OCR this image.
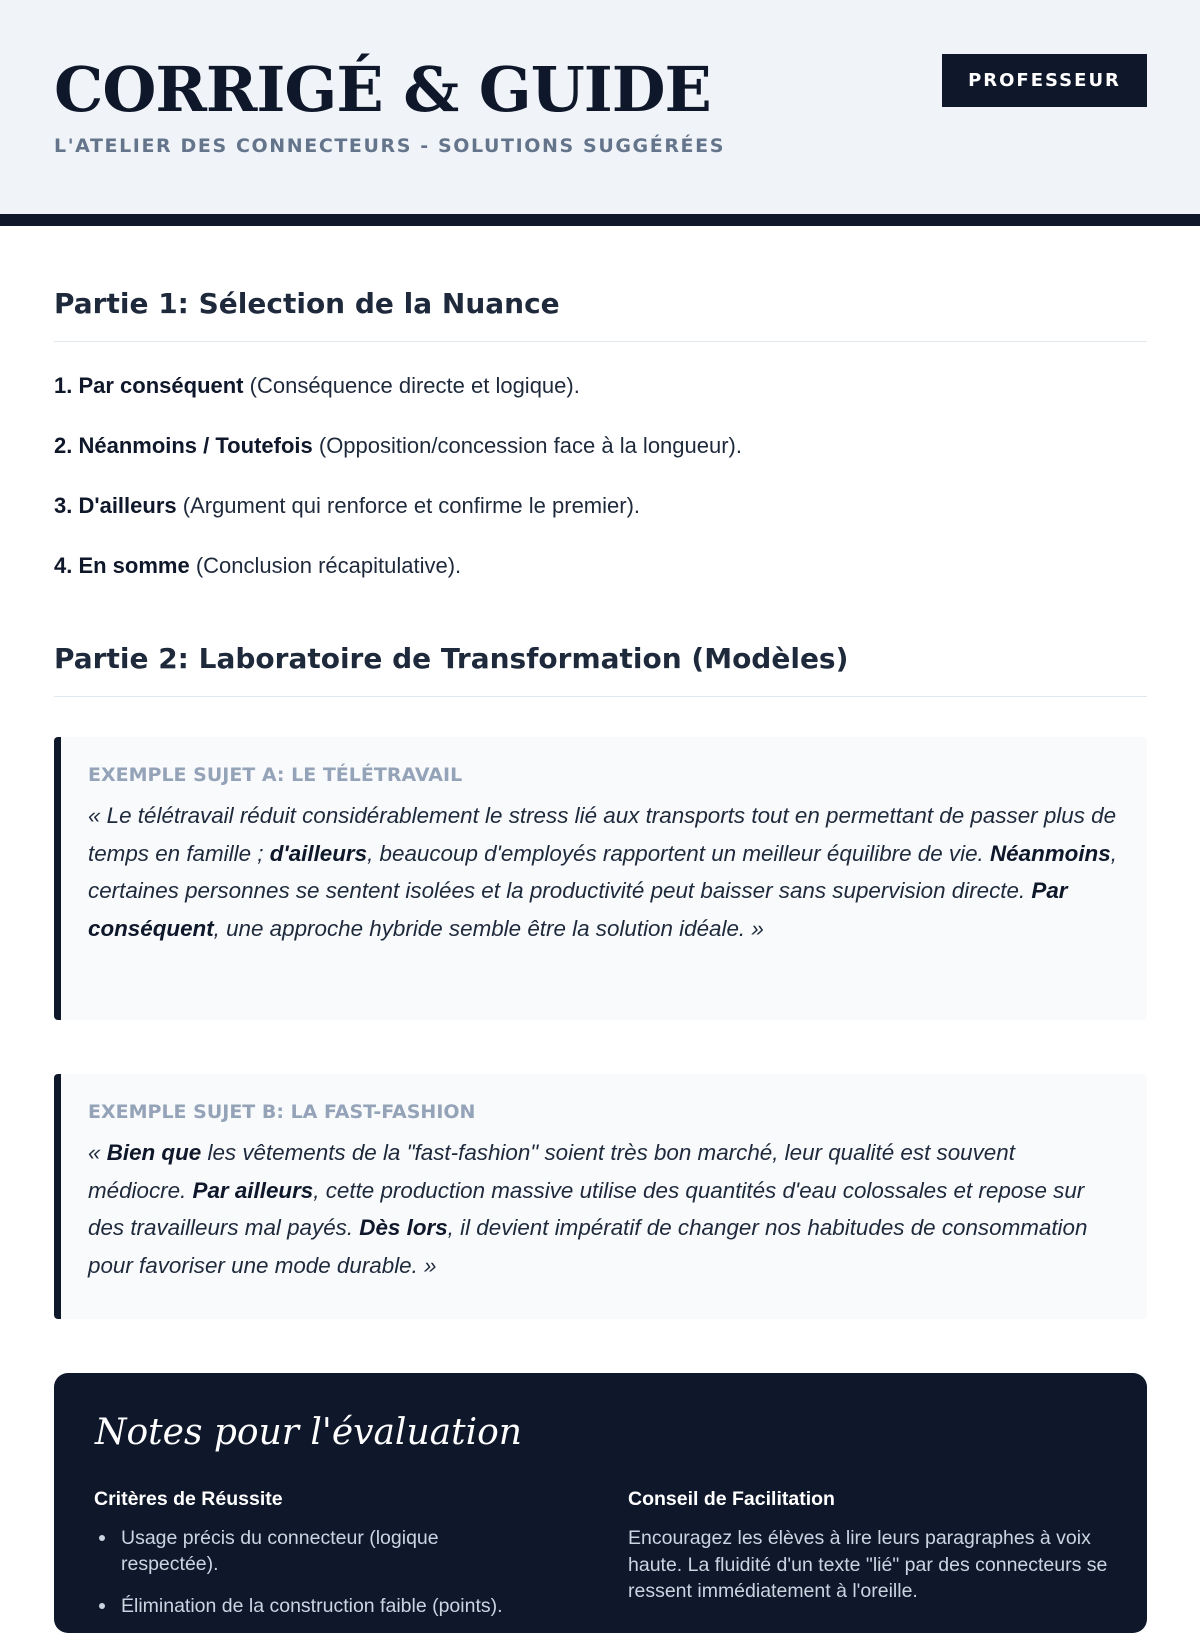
CORRIGÉ & GUIDE
L'ATELIER DES CONNECTEURS - SOLUTIONS SUGGÉRÉES
PROFESSEUR
Partie 1: Sélection de la Nuance
1. Par conséquent (Conséquence directe et logique).
2. Néanmoins / Toutefois (Opposition/concession face à la longueur).
3. D'ailleurs (Argument qui renforce et confirme le premier).
4. En somme (Conclusion récapitulative).
Partie 2: Laboratoire de Transformation (Modèles)
EXEMPLE SUJET A: LE TÉLÉTRAVAIL
« Le télétravail réduit considérablement le stress lié aux transports tout en permettant de passer plus de temps en famille ; d'ailleurs, beaucoup d'employés rapportent un meilleur équilibre de vie. Néanmoins, certaines personnes se sentent isolées et la productivité peut baisser sans supervision directe. Par conséquent, une approche hybride semble être la solution idéale. »
EXEMPLE SUJET B: LA FAST-FASHION
« Bien que les vêtements de la "fast-fashion" soient très bon marché, leur qualité est souvent médiocre. Par ailleurs, cette production massive utilise des quantités d'eau colossales et repose sur des travailleurs mal payés. Dès lors, il devient impératif de changer nos habitudes de consommation pour favoriser une mode durable. »
Notes pour l'évaluation
Critères de Réussite
Usage précis du connecteur (logique respectée).
Élimination de la construction faible (points).
Conseil de Facilitation
Encouragez les élèves à lire leurs paragraphes à voix haute. La fluidité d'un texte "lié" par des connecteurs se ressent immédiatement à l'oreille.
